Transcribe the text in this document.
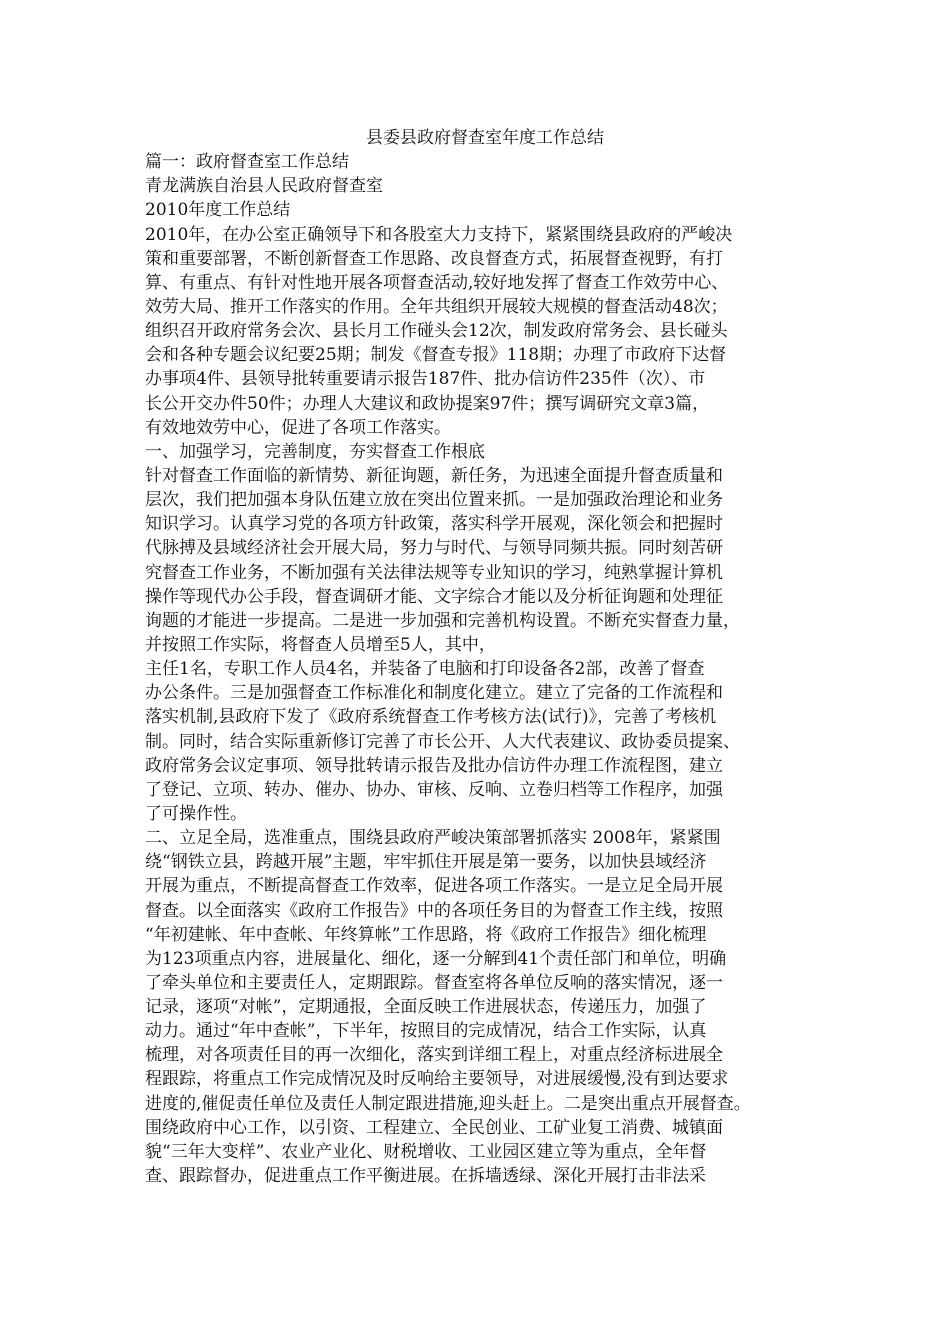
县委县政府督查室年度工作总结
篇一：政府督查室工作总结
青龙满族自治县人民政府督查室
2010年度工作总结
2010年，在办公室正确领导下和各股室大力支持下，紧紧围绕县政府的严峻决
策和重要部署，不断创新督查工作思路、改良督查方式，拓展督查视野，有打
算、有重点、有针对性地开展各项督查活动,较好地发挥了督查工作效劳中心、
效劳大局、推开工作落实的作用。全年共组织开展较大规模的督查活动48次；
组织召开政府常务会次、县长月工作碰头会12次，制发政府常务会、县长碰头
会和各种专题会议纪要25期；制发《督查专报》118期；办理了市政府下达督
办事项4件、县领导批转重要请示报告187件、批办信访件235件（次）、市
长公开交办件50件；办理人大建议和政协提案97件；撰写调研究文章3篇，
有效地效劳中心，促进了各项工作落实。
一、加强学习，完善制度，夯实督查工作根底
针对督查工作面临的新情势、新征询题，新任务，为迅速全面提升督查质量和
层次，我们把加强本身队伍建立放在突出位置来抓。一是加强政治理论和业务
知识学习。认真学习党的各项方针政策，落实科学开展观，深化领会和把握时
代脉搏及县域经济社会开展大局，努力与时代、与领导同频共振。同时刻苦研
究督查工作业务，不断加强有关法律法规等专业知识的学习，纯熟掌握计算机
操作等现代办公手段，督查调研才能、文字综合才能以及分析征询题和处理征
询题的才能进一步提高。二是进一步加强和完善机构设置。不断充实督查力量，
并按照工作实际，将督查人员增至5人，其中，
主任1名，专职工作人员4名，并装备了电脑和打印设备各2部，改善了督查
办公条件。三是加强督查工作标准化和制度化建立。建立了完备的工作流程和
落实机制,县政府下发了《政府系统督查工作考核方法(试行)》，完善了考核机
制。同时，结合实际重新修订完善了市长公开、人大代表建议、政协委员提案、
政府常务会议定事项、领导批转请示报告及批办信访件办理工作流程图，建立
了登记、立项、转办、催办、协办、审核、反响、立卷归档等工作程序，加强
了可操作性。
二、立足全局，选准重点，围绕县政府严峻决策部署抓落实 2008年，紧紧围
绕“钢铁立县，跨越开展”主题，牢牢抓住开展是第一要务，以加快县域经济
开展为重点，不断提高督查工作效率，促进各项工作落实。一是立足全局开展
督查。以全面落实《政府工作报告》中的各项任务目的为督查工作主线，按照
“年初建帐、年中查帐、年终算帐”工作思路，将《政府工作报告》细化梳理
为123项重点内容，进展量化、细化，逐一分解到41个责任部门和单位，明确
了牵头单位和主要责任人，定期跟踪。督查室将各单位反响的落实情况，逐一
记录，逐项“对帐”，定期通报，全面反映工作进展状态，传递压力，加强了
动力。通过“年中查帐”，下半年，按照目的完成情况，结合工作实际，认真
梳理，对各项责任目的再一次细化，落实到详细工程上，对重点经济标进展全
程跟踪，将重点工作完成情况及时反响给主要领导，对进展缓慢,没有到达要求
进度的,催促责任单位及责任人制定跟进措施,迎头赶上。二是突出重点开展督查。
围绕政府中心工作，以引资、工程建立、全民创业、工矿业复工消费、城镇面
貌“三年大变样”、农业产业化、财税增收、工业园区建立等为重点，全年督
查、跟踪督办，促进重点工作平衡进展。在拆墙透绿、深化开展打击非法采
